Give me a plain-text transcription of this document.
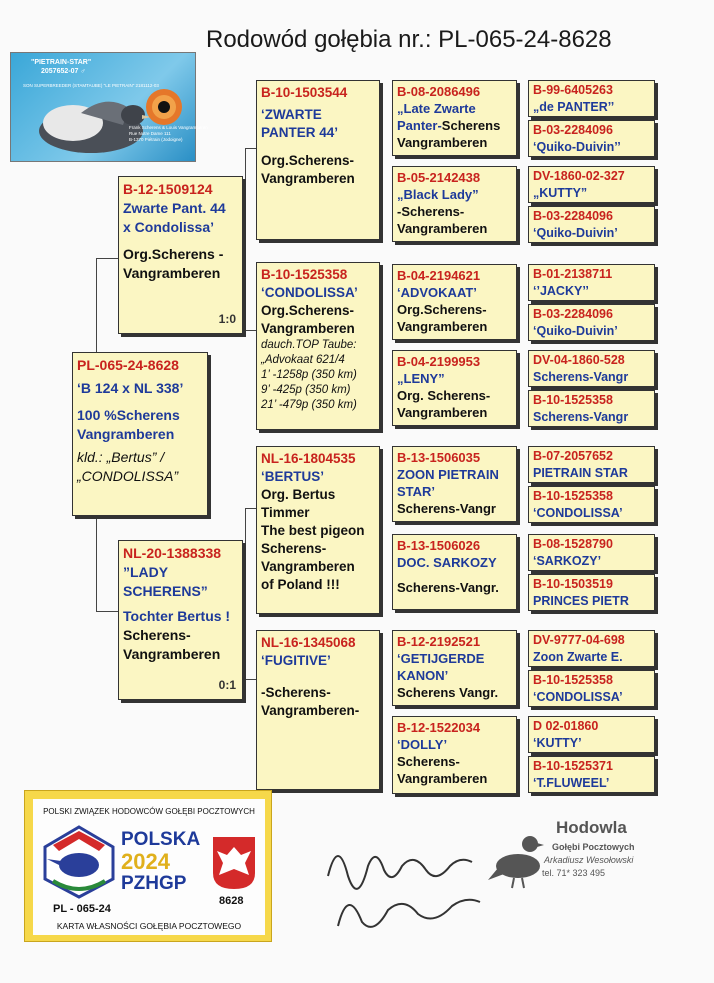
Rodowód gołębia nr.: PL-065-24-8628
"PIETRAIN-STAR"
2057652-07 ♂
SON SUPERBREEDER (STAMTAUBE) "LE PIETRAIN" 2181112-03
Frank Scherens & Louis Vangramberen
Rue Notre Dame 111
B-1370 Piétrain (Jodoigne)
PL-065-24-8628
‘B 124 x NL 338’
100 %Scherens
Vangramberen
kld.: „Bertus” /
„CONDOLISSA”
B-12-1509124
Zwarte Pant. 44
x Condolissa’
Org.Scherens -
Vangramberen
1:0
NL-20-1388338
”LADY
SCHERENS”
Tochter Bertus !
Scherens-
Vangramberen
0:1
B-10-1503544
‘ZWARTE
PANTER 44’
Org.Scherens-
Vangramberen
B-10-1525358
‘CONDOLISSA’
Org.Scherens-
Vangramberen
dauch.TOP Taube:
„Advokaat 621/4
1’ -1258p (350 km)
9’ -425p (350 km)
21’ -479p (350 km)
NL-16-1804535
‘BERTUS’
Org. Bertus
Timmer
The best pigeon
Scherens-
Vangramberen
of Poland !!!
NL-16-1345068
‘FUGITIVE’
-Scherens-
Vangramberen-
B-08-2086496
„Late Zwarte
Panter-Scherens
Vangramberen
B-05-2142438
„Black Lady”
-Scherens-
Vangramberen
B-04-2194621
‘ADVOKAAT’
Org.Scherens-
Vangramberen
B-04-2199953
„LENY”
Org. Scherens-
Vangramberen
B-13-1506035
ZOON PIETRAIN
STAR’
Scherens-Vangr
B-13-1506026
DOC. SARKOZY
Scherens-Vangr.
B-12-2192521
‘GETIJGERDE
KANON’ Scherens Vangr.
B-12-1522034
‘DOLLY’
Scherens-
Vangramberen
B-99-6405263
„de PANTER’’
B-03-2284096
‘Quiko-Duivin’’
DV-1860-02-327
„KUTTY”
B-03-2284096
‘Quiko-Duivin’
B-01-2138711
‘’JACKY’’
B-03-2284096
‘Quiko-Duivin’
DV-04-1860-528
Scherens-Vangr
B-10-1525358
Scherens-Vangr
B-07-2057652
PIETRAIN STAR
B-10-1525358
‘CONDOLISSA’
B-08-1528790
‘SARKOZY’
B-10-1503519
PRINCES PIETR
DV-9777-04-698
Zoon Zwarte E.
B-10-1525358
‘CONDOLISSA’
D 02-01860
‘KUTTY’
B-10-1525371
‘T.FLUWEEL’
POLSKI ZWIĄZEK HODOWCÓW GOŁĘBI POCZTOWYCH
POLSKA
2024
PZHGP
8628
PL - 065-24
KARTA WŁASNOŚCI GOŁĘBIA POCZTOWEGO
Hodowla
Gołębi Pocztowych
Arkadiusz Wesołowski
tel. 71* 323 495
